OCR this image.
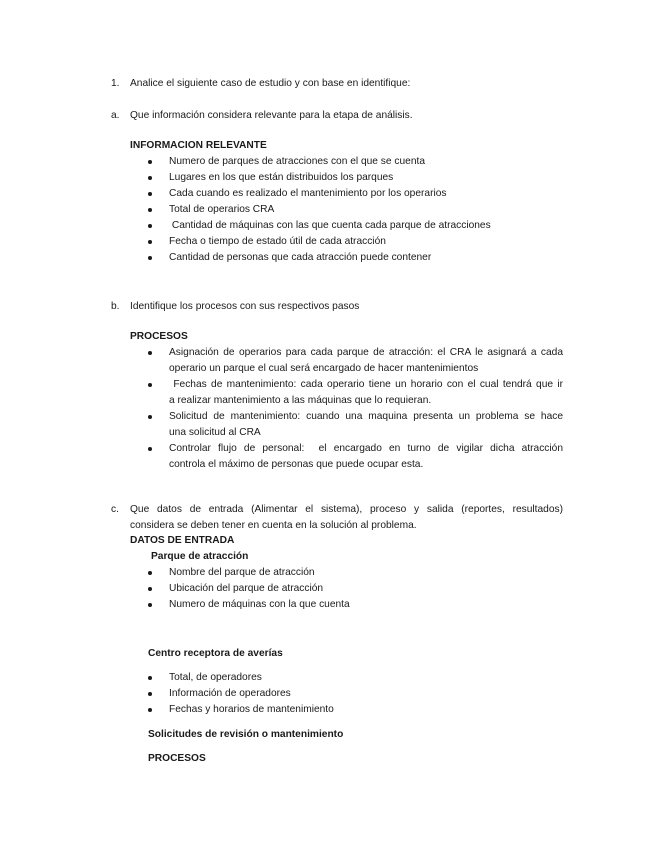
1. Analice el siguiente caso de estudio y con base en identifique:
a. Que información considera relevante para la etapa de análisis.
INFORMACION RELEVANTE
Numero de parques de atracciones con el que se cuenta
Lugares en los que están distribuidos los parques
Cada cuando es realizado el mantenimiento por los operarios
Total de operarios CRA
Cantidad de máquinas con las que cuenta cada parque de atracciones
Fecha o tiempo de estado útil de cada atracción
Cantidad de personas que cada atracción puede contener
b. Identifique los procesos con sus respectivos pasos
PROCESOS
Asignación de operarios para cada parque de atracción: el CRA le asignará a cada
operario un parque el cual será encargado de hacer mantenimientos
Fechas de mantenimiento: cada operario tiene un horario con el cual tendrá que ir
a realizar mantenimiento a las máquinas que lo requieran.
Solicitud de mantenimiento: cuando una maquina presenta un problema se hace
una solicitud al CRA
Controlar flujo de personal:  el encargado en turno de vigilar dicha atracción
controla el máximo de personas que puede ocupar esta.
c. Que datos de entrada (Alimentar el sistema), proceso y salida (reportes, resultados)
considera se deben tener en cuenta en la solución al problema.
DATOS DE ENTRADA
Parque de atracción
Nombre del parque de atracción
Ubicación del parque de atracción
Numero de máquinas con la que cuenta
Centro receptora de averías
Total, de operadores
Información de operadores
Fechas y horarios de mantenimiento
Solicitudes de revisión o mantenimiento
PROCESOS
